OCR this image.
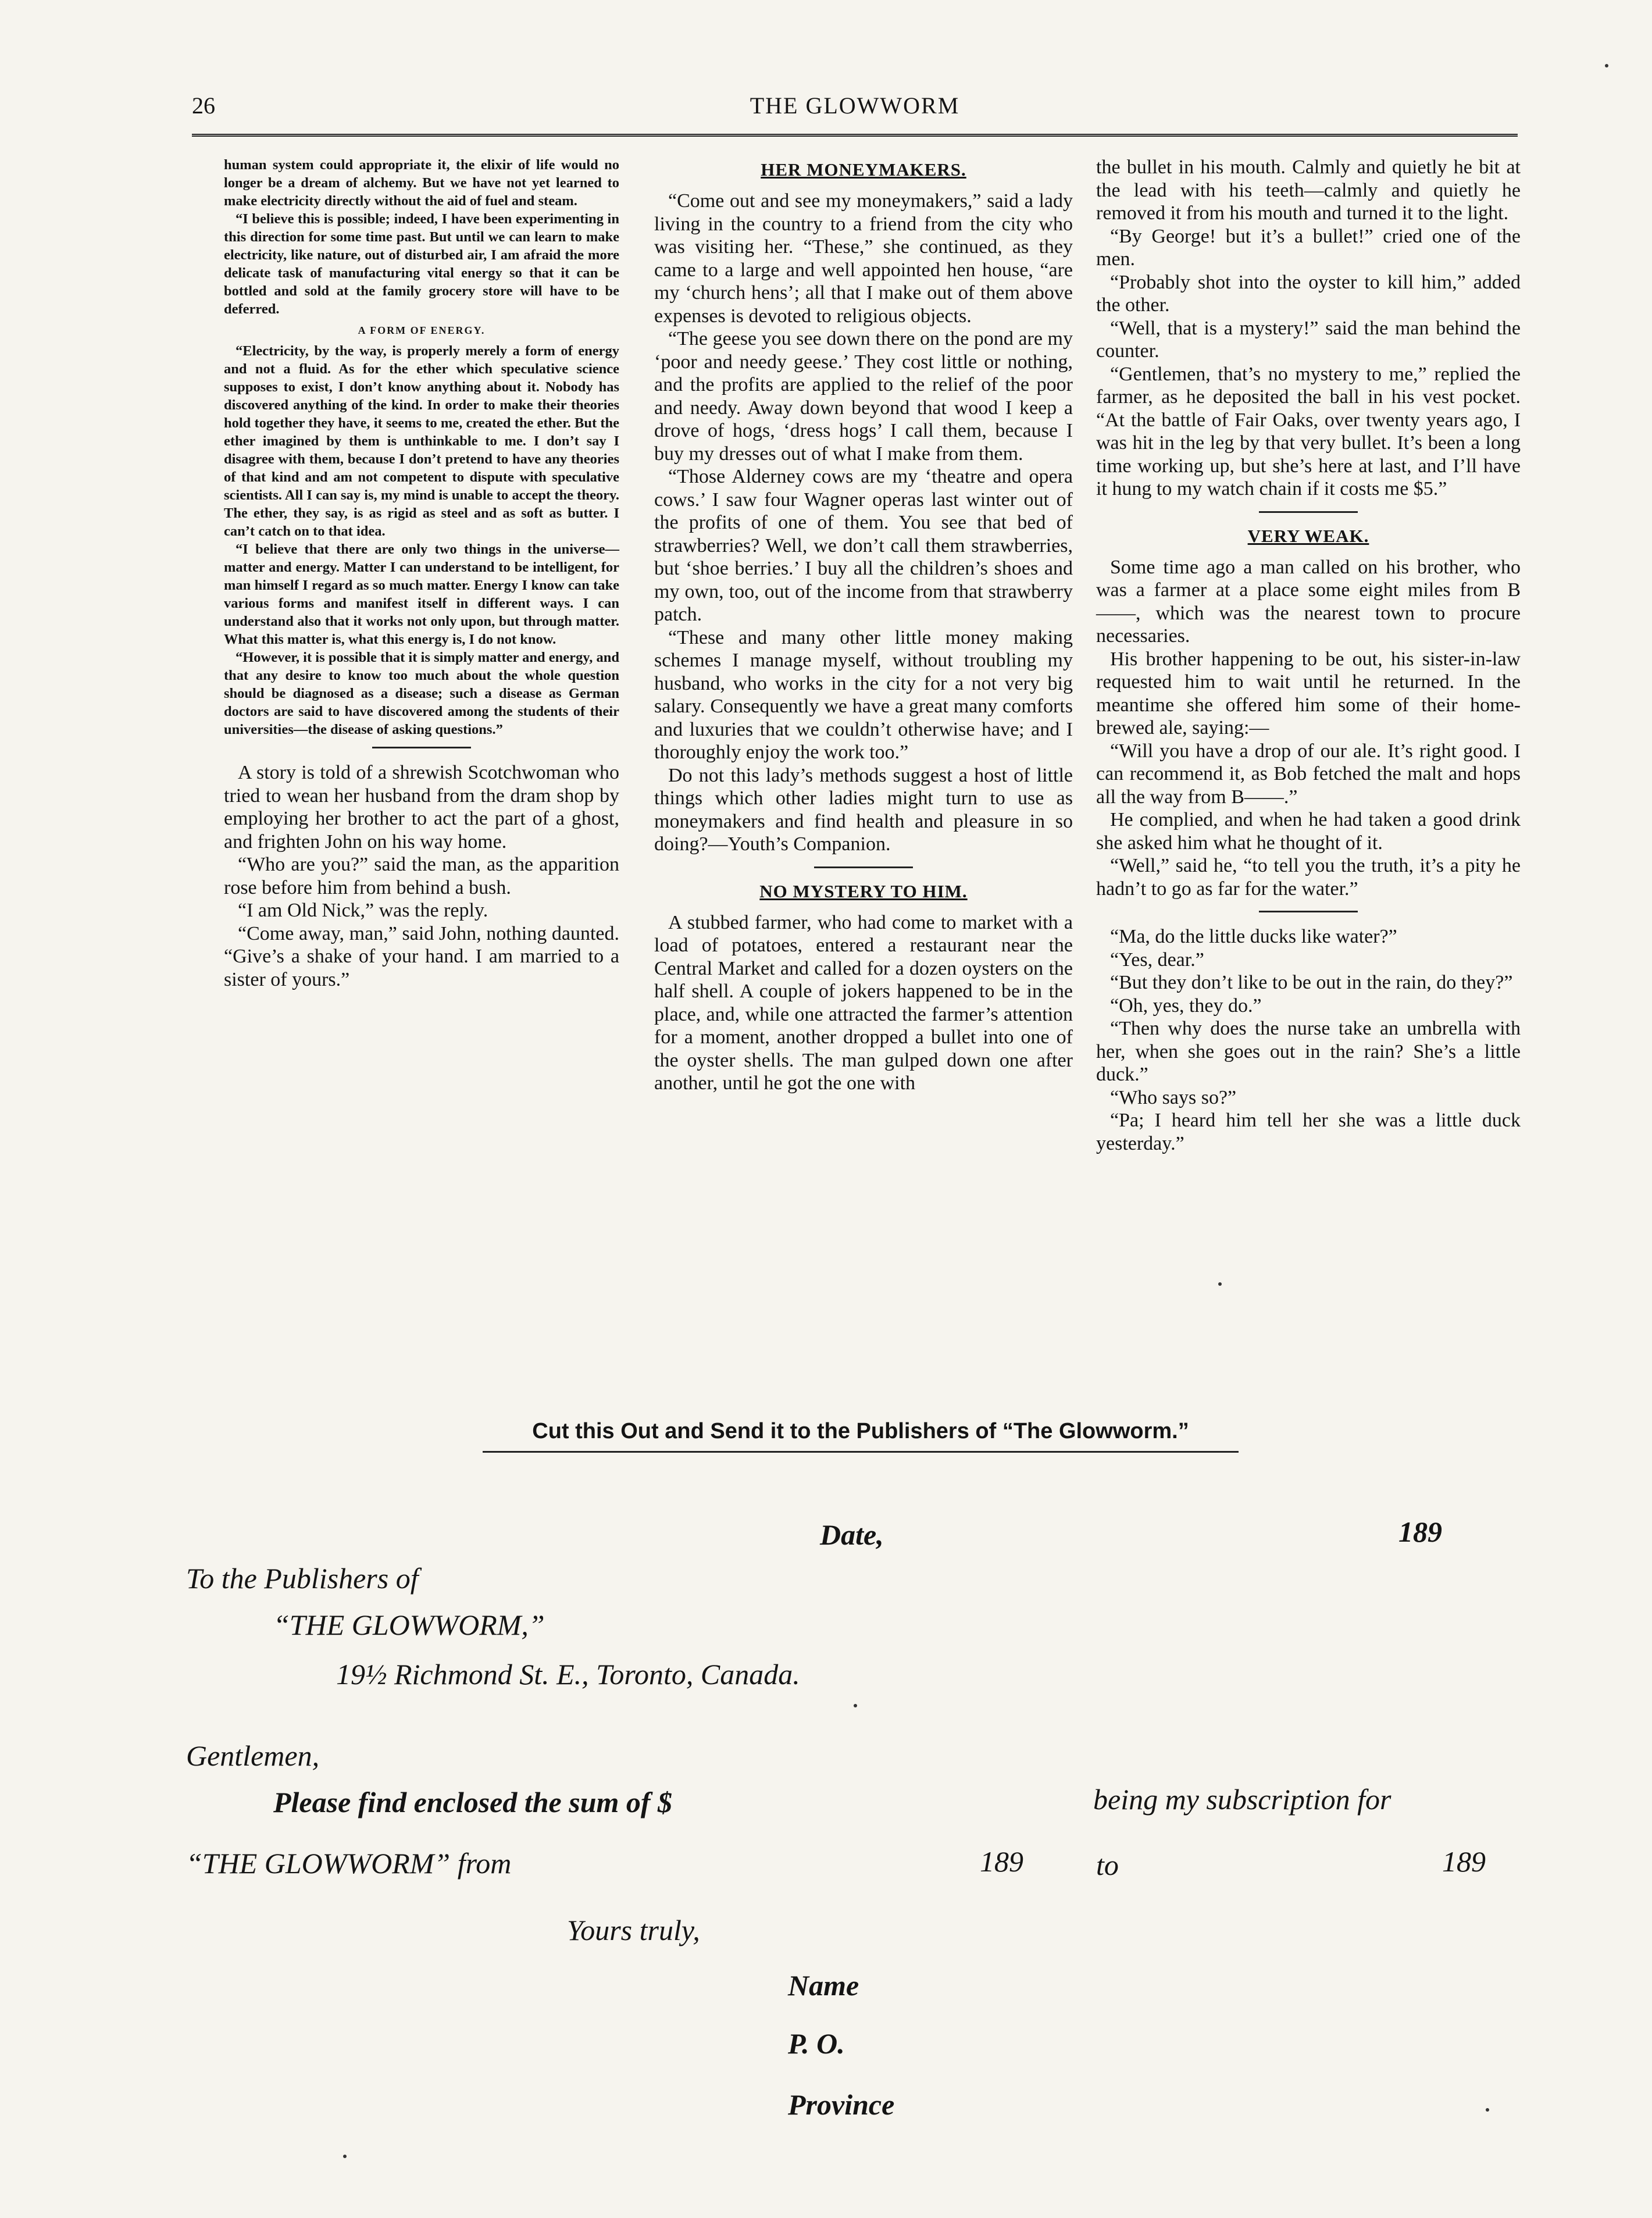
26	THE GLOWWORM

human system could appropriate it, the elixir of life would no longer be a dream of alchemy. But we have not yet learned to make electricity directly without the aid of fuel and steam.

“I believe this is possible; indeed, I have been experimenting in this direction for some time past. But until we can learn to make electricity, like nature, out of disturbed air, I am afraid the more delicate task of manufacturing vital energy so that it can be bottled and sold at the family grocery store will have to be deferred.

A FORM OF ENERGY.

“Electricity, by the way, is properly merely a form of energy and not a fluid. As for the ether which speculative science supposes to exist, I don’t know anything about it. Nobody has discovered anything of the kind. In order to make their theories hold together they have, it seems to me, created the ether. But the ether imagined by them is unthinkable to me. I don’t say I disagree with them, because I don’t pretend to have any theories of that kind and am not competent to dispute with speculative scientists. All I can say is, my mind is unable to accept the theory. The ether, they say, is as rigid as steel and as soft as butter. I can’t catch on to that idea.

“I believe that there are only two things in the universe—matter and energy. Matter I can understand to be intelligent, for man himself I regard as so much matter. Energy I know can take various forms and manifest itself in different ways. I can understand also that it works not only upon, but through matter. What this matter is, what this energy is, I do not know.

“However, it is possible that it is simply matter and energy, and that any desire to know too much about the whole question should be diagnosed as a disease; such a disease as German doctors are said to have discovered among the students of their universities—the disease of asking questions.”

A story is told of a shrewish Scotchwoman who tried to wean her husband from the dram shop by employing her brother to act the part of a ghost, and frighten John on his way home.

“Who are you?” said the man, as the apparition rose before him from behind a bush.

“I am Old Nick,” was the reply.

“Come away, man,” said John, nothing daunted. “Give’s a shake of your hand. I am married to a sister of yours.”

HER MONEYMAKERS.

“Come out and see my moneymakers,” said a lady living in the country to a friend from the city who was visiting her. “These,” she continued, as they came to a large and well appointed hen house, “are my ‘church hens’; all that I make out of them above expenses is devoted to religious objects.

“The geese you see down there on the pond are my ‘poor and needy geese.’ They cost little or nothing, and the profits are applied to the relief of the poor and needy. Away down beyond that wood I keep a drove of hogs, ‘dress hogs’ I call them, because I buy my dresses out of what I make from them.

“Those Alderney cows are my ‘theatre and opera cows.’ I saw four Wagner operas last winter out of the profits of one of them. You see that bed of strawberries? Well, we don’t call them strawberries, but ‘shoe berries.’ I buy all the children’s shoes and my own, too, out of the income from that strawberry patch.

“These and many other little money making schemes I manage myself, without troubling my husband, who works in the city for a not very big salary. Consequently we have a great many comforts and luxuries that we couldn’t otherwise have; and I thoroughly enjoy the work too.”

Do not this lady’s methods suggest a host of little things which other ladies might turn to use as moneymakers and find health and pleasure in so doing?—Youth’s Companion.

NO MYSTERY TO HIM.

A stubbed farmer, who had come to market with a load of potatoes, entered a restaurant near the Central Market and called for a dozen oysters on the half shell. A couple of jokers happened to be in the place, and, while one attracted the farmer’s attention for a moment, another dropped a bullet into one of the oyster shells. The man gulped down one after another, until he got the one with

the bullet in his mouth. Calmly and quietly he bit at the lead with his teeth—calmly and quietly he removed it from his mouth and turned it to the light.

“By George! but it’s a bullet!” cried one of the men.

“Probably shot into the oyster to kill him,” added the other.

“Well, that is a mystery!” said the man behind the counter.

“Gentlemen, that’s no mystery to me,” replied the farmer, as he deposited the ball in his vest pocket. “At the battle of Fair Oaks, over twenty years ago, I was hit in the leg by that very bullet. It’s been a long time working up, but she’s here at last, and I’ll have it hung to my watch chain if it costs me $5.”

VERY WEAK.

Some time ago a man called on his brother, who was a farmer at a place some eight miles from B——, which was the nearest town to procure necessaries.

His brother happening to be out, his sister-in-law requested him to wait until he returned. In the meantime she offered him some of their home-brewed ale, saying:—

“Will you have a drop of our ale. It’s right good. I can recommend it, as Bob fetched the malt and hops all the way from B——.”

He complied, and when he had taken a good drink she asked him what he thought of it.

“Well,” said he, “to tell you the truth, it’s a pity he hadn’t to go as far for the water.”

“Ma, do the little ducks like water?”

“Yes, dear.”

“But they don’t like to be out in the rain, do they?”

“Oh, yes, they do.”

“Then why does the nurse take an umbrella with her, when she goes out in the rain? She’s a little duck.”

“Who says so?”

“Pa; I heard him tell her she was a little duck yesterday.”

Cut this Out and Send it to the Publishers of “The Glowworm.”
Date,	189
To the Publishers of
“THE GLOWWORM,”
19½ Richmond St. E., Toronto, Canada.
Gentlemen,
Please find enclosed the sum of $	being my subscription for
“THE GLOWWORM” from	189	to	189
Yours truly,
Name
P. O.
Province
